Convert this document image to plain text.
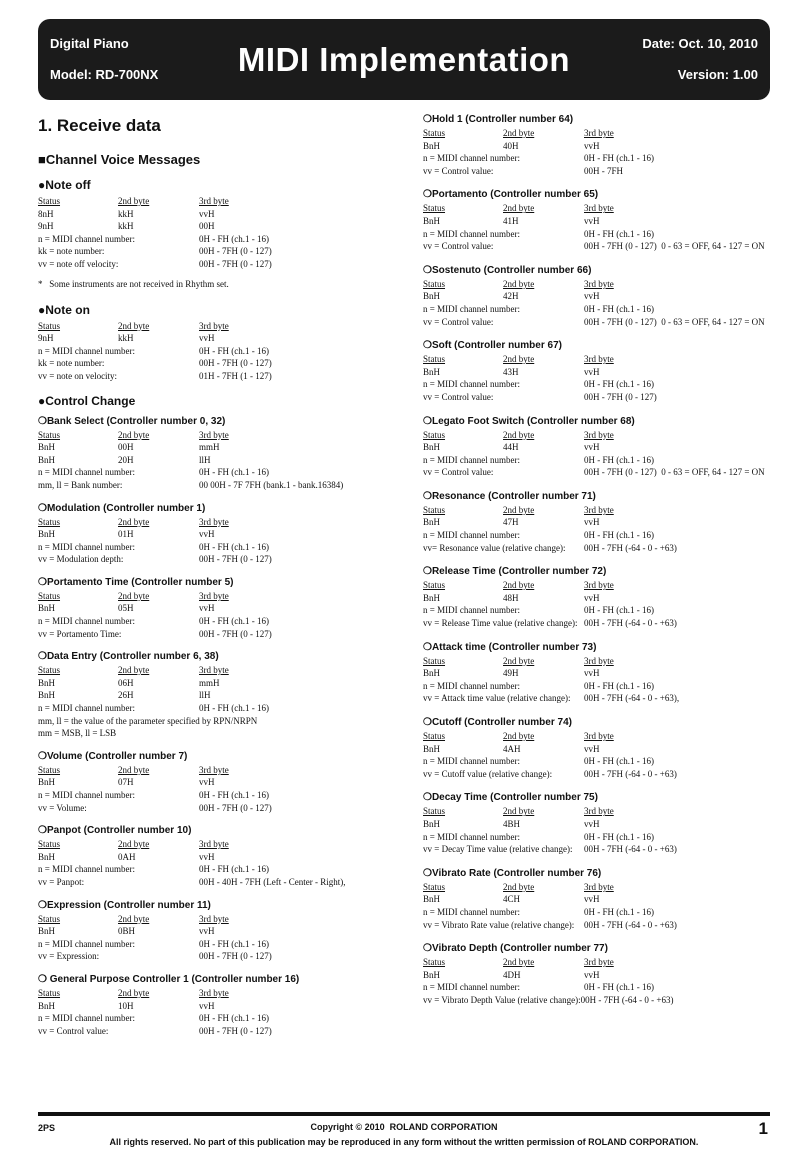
Digital Piano
Model: RD-700NX	MIDI Implementation	Date: Oct. 10, 2010
Version: 1.00
1. Receive data
■Channel Voice Messages
●Note off
Status	2nd byte	3rd byte
8nH	kkH	vvH
9nH	kkH	00H
n = MIDI channel number:	0H - FH (ch.1 - 16)
kk = note number:	00H - 7FH (0 - 127)
vv = note off velocity:	00H - 7FH (0 - 127)
*   Some instruments are not received in Rhythm set.
●Note on
Status	2nd byte	3rd byte
9nH	kkH	vvH
n = MIDI channel number:	0H - FH (ch.1 - 16)
kk = note number:	00H - 7FH (0 - 127)
vv = note on velocity:	01H - 7FH (1 - 127)
●Control Change
❍Bank Select (Controller number 0, 32)
Status	2nd byte	3rd byte
BnH	00H	mmH
BnH	20H	llH
n = MIDI channel number:	0H - FH (ch.1 - 16)
mm, ll = Bank number:	00 00H - 7F 7FH (bank.1 - bank.16384)
❍Modulation (Controller number 1)
Status	2nd byte	3rd byte
BnH	01H	vvH
n = MIDI channel number:	0H - FH (ch.1 - 16)
vv = Modulation depth:	00H - 7FH (0 - 127)
❍Portamento Time (Controller number 5)
Status	2nd byte	3rd byte
BnH	05H	vvH
n = MIDI channel number:	0H - FH (ch.1 - 16)
vv = Portamento Time:	00H - 7FH (0 - 127)
❍Data Entry (Controller number 6, 38)
Status	2nd byte	3rd byte
BnH	06H	mmH
BnH	26H	llH
n = MIDI channel number:	0H - FH (ch.1 - 16)
mm, ll = the value of the parameter specified by RPN/NRPN
mm = MSB, ll = LSB
❍Volume (Controller number 7)
Status	2nd byte	3rd byte
BnH	07H	vvH
n = MIDI channel number:	0H - FH (ch.1 - 16)
vv = Volume:	00H - 7FH (0 - 127)
❍Panpot (Controller number 10)
Status	2nd byte	3rd byte
BnH	0AH	vvH
n = MIDI channel number:	0H - FH (ch.1 - 16)
vv = Panpot:	00H - 40H - 7FH (Left - Center - Right),
❍Expression (Controller number 11)
Status	2nd byte	3rd byte
BnH	0BH	vvH
n = MIDI channel number:	0H - FH (ch.1 - 16)
vv = Expression:	00H - 7FH (0 - 127)
❍ General Purpose Controller 1 (Controller number 16)
Status	2nd byte	3rd byte
BnH	10H	vvH
n = MIDI channel number:	0H - FH (ch.1 - 16)
vv = Control value:	00H - 7FH (0 - 127)
❍Hold 1 (Controller number 64)
Status	2nd byte	3rd byte
BnH	40H	vvH
n = MIDI channel number:	0H - FH (ch.1 - 16)
vv = Control value:	00H - 7FH
❍Portamento (Controller number 65)
Status	2nd byte	3rd byte
BnH	41H	vvH
n = MIDI channel number:	0H - FH (ch.1 - 16)
vv = Control value:	00H - 7FH (0 - 127)  0 - 63 = OFF, 64 - 127 = ON
❍Sostenuto (Controller number 66)
Status	2nd byte	3rd byte
BnH	42H	vvH
n = MIDI channel number:	0H - FH (ch.1 - 16)
vv = Control value:	00H - 7FH (0 - 127)  0 - 63 = OFF, 64 - 127 = ON
❍Soft (Controller number 67)
Status	2nd byte	3rd byte
BnH	43H	vvH
n = MIDI channel number:	0H - FH (ch.1 - 16)
vv = Control value:	00H - 7FH (0 - 127)
❍Legato Foot Switch (Controller number 68)
Status	2nd byte	3rd byte
BnH	44H	vvH
n = MIDI channel number:	0H - FH (ch.1 - 16)
vv = Control value:	00H - 7FH (0 - 127)  0 - 63 = OFF, 64 - 127 = ON
❍Resonance (Controller number 71)
Status	2nd byte	3rd byte
BnH	47H	vvH
n = MIDI channel number:	0H - FH (ch.1 - 16)
vv= Resonance value (relative change): 00H - 7FH (-64 - 0 - +63)
❍Release Time (Controller number 72)
Status	2nd byte	3rd byte
BnH	48H	vvH
n = MIDI channel number:	0H - FH (ch.1 - 16)
vv = Release Time value (relative change): 00H - 7FH (-64 - 0 - +63)
❍Attack time (Controller number 73)
Status	2nd byte	3rd byte
BnH	49H	vvH
n = MIDI channel number:	0H - FH (ch.1 - 16)
vv = Attack time value (relative change): 00H - 7FH (-64 - 0 - +63),
❍Cutoff (Controller number 74)
Status	2nd byte	3rd byte
BnH	4AH	vvH
n = MIDI channel number:	0H - FH (ch.1 - 16)
vv = Cutoff value (relative change):	00H - 7FH (-64 - 0 - +63)
❍Decay Time (Controller number 75)
Status	2nd byte	3rd byte
BnH	4BH	vvH
n = MIDI channel number:	0H - FH (ch.1 - 16)
vv = Decay Time value (relative change): 00H - 7FH (-64 - 0 - +63)
❍Vibrato Rate (Controller number 76)
Status	2nd byte	3rd byte
BnH	4CH	vvH
n = MIDI channel number:	0H - FH (ch.1 - 16)
vv = Vibrato Rate value (relative change): 00H - 7FH (-64 - 0 - +63)
❍Vibrato Depth (Controller number 77)
Status	2nd byte	3rd byte
BnH	4DH	vvH
n = MIDI channel number:	0H - FH (ch.1 - 16)
vv = Vibrato Depth Value (relative change):00H - 7FH (-64 - 0 - +63)
2PS	Copyright © 2010  ROLAND CORPORATION
All rights reserved. No part of this publication may be reproduced in any form without the written permission of ROLAND CORPORATION.
1
